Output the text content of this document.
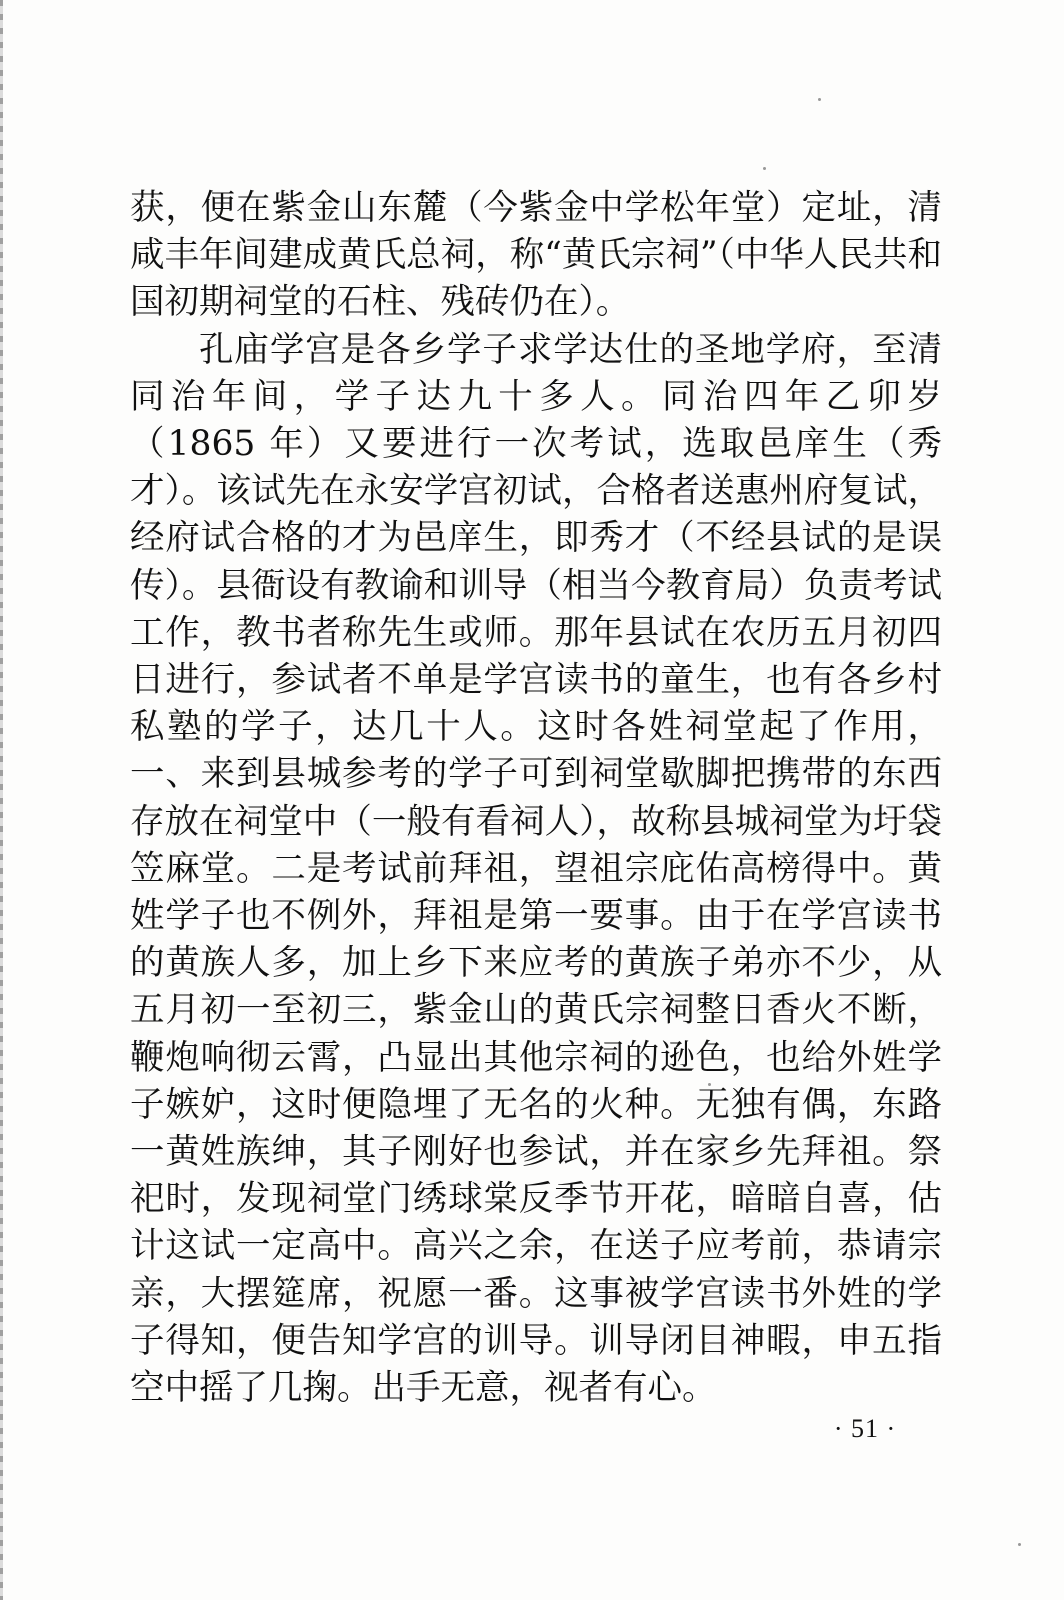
获，便在紫金山东麓（今紫金中学松年堂）定址，清咸丰年间建成黄氏总祠，称“黄氏宗祠”（中华人民共和国初期祠堂的石柱、残砖仍在）。

孔庙学宫是各乡学子求学达仕的圣地学府，至清同治年间，学子达九十多人。同治四年乙卯岁（1865 年）又要进行一次考试，选取邑庠生（秀才）。该试先在永安学宫初试，合格者送惠州府复试，经府试合格的才为邑庠生，即秀才（不经县试的是误传）。县衙设有教谕和训导（相当今教育局）负责考试工作，教书者称先生或师。那年县试在农历五月初四日进行，参试者不单是学宫读书的童生，也有各乡村私塾的学子，达几十人。这时各姓祠堂起了作用，一、来到县城参考的学子可到祠堂歇脚把携带的东西存放在祠堂中（一般有看祠人），故称县城祠堂为圩袋笠麻堂。二是考试前拜祖，望祖宗庇佑高榜得中。黄姓学子也不例外，拜祖是第一要事。由于在学宫读书的黄族人多，加上乡下来应考的黄族子弟亦不少，从五月初一至初三，紫金山的黄氏宗祠整日香火不断，鞭炮响彻云霄，凸显出其他宗祠的逊色，也给外姓学子嫉妒，这时便隐埋了无名的火种。无独有偶，东路一黄姓族绅，其子刚好也参试，并在家乡先拜祖。祭祀时，发现祠堂门绣球棠反季节开花，暗暗自喜，估计这试一定高中。高兴之余，在送子应考前，恭请宗亲，大摆筵席，祝愿一番。这事被学宫读书外姓的学子得知，便告知学宫的训导。训导闭目神暇，申五指空中摇了几掬。出手无意，视者有心。

· 51 ·
